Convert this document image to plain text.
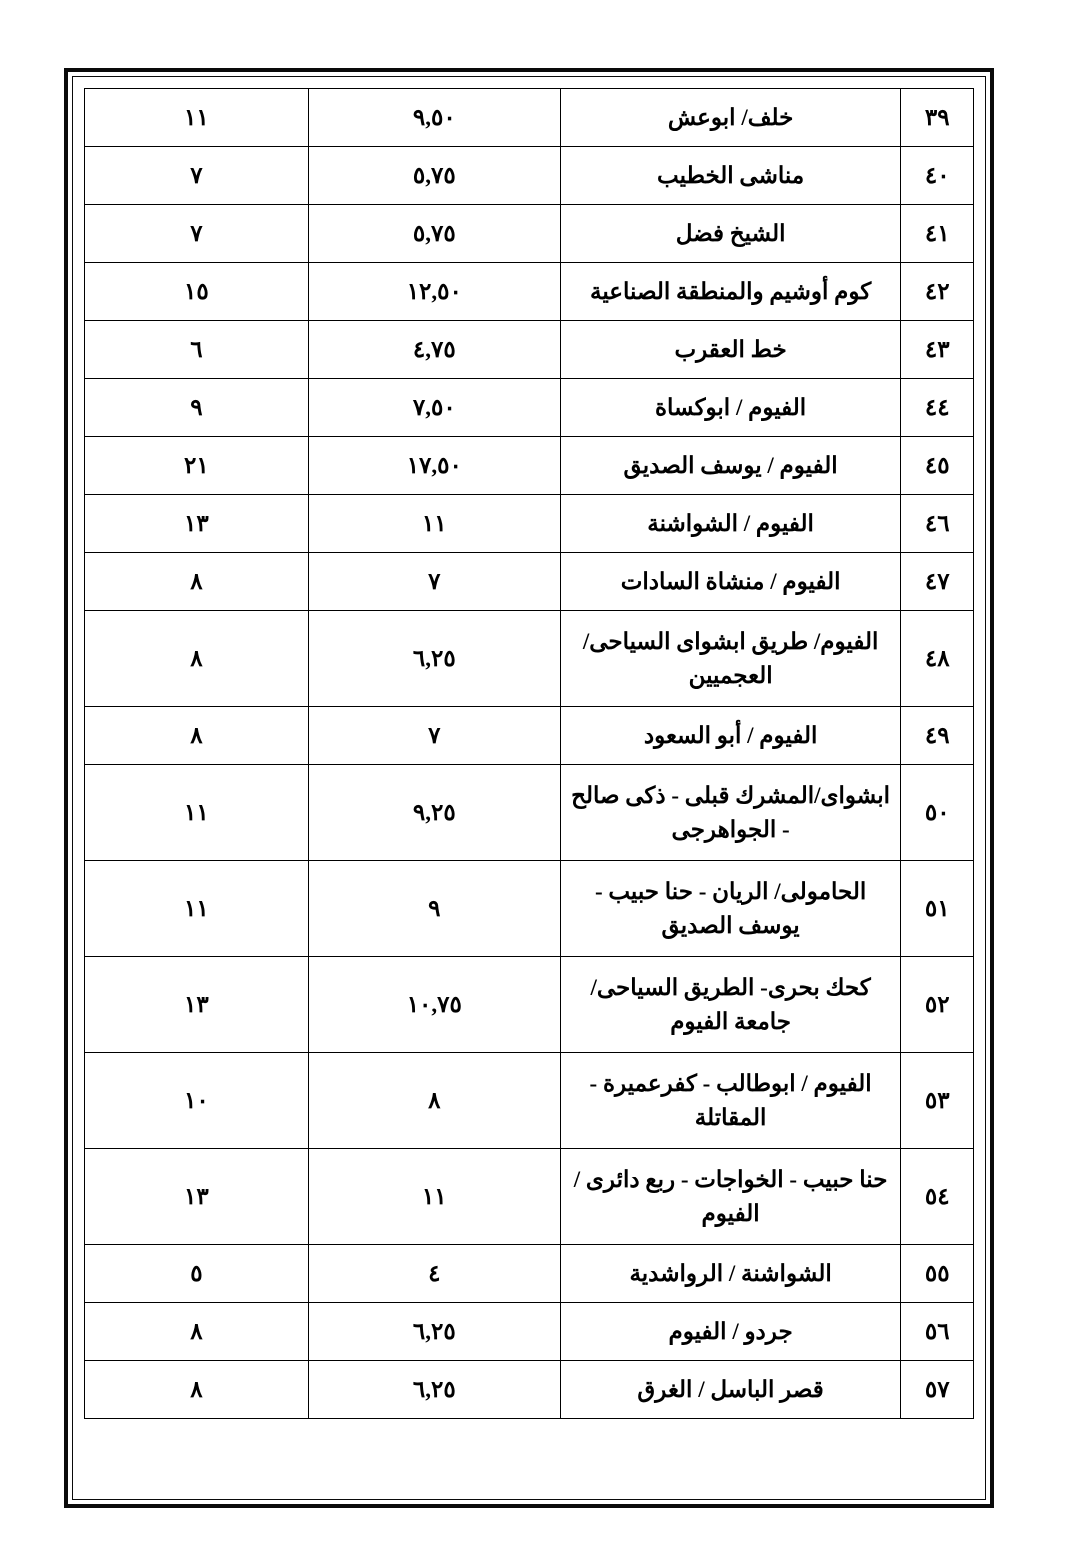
٣٩	خلف/ ابوعش	٩,٥٠	١١
٤٠	مناشى الخطيب	٥,٧٥	٧
٤١	الشيخ فضل	٥,٧٥	٧
٤٢	كوم أوشيم والمنطقة الصناعية	١٢,٥٠	١٥
٤٣	خط العقرب	٤,٧٥	٦
٤٤	الفيوم / ابوكساة	٧,٥٠	٩
٤٥	الفيوم / يوسف الصديق	١٧,٥٠	٢١
٤٦	الفيوم / الشواشنة	١١	١٣
٤٧	الفيوم / منشاة السادات	٧	٨
٤٨	الفيوم/ طريق ابشواى السياحى/ العجميين	٦,٢٥	٨
٤٩	الفيوم / أبو السعود	٧	٨
٥٠	ابشواى/المشرك قبلى - ذكى صالح - الجواهرجى	٩,٢٥	١١
٥١	الحامولى/ الريان - حنا حبيب - يوسف الصديق	٩	١١
٥٢	كحك بحرى- الطريق السياحى/ جامعة الفيوم	١٠,٧٥	١٣
٥٣	الفيوم / ابوطالب - كفرعميرة - المقاتلة	٨	١٠
٥٤	حنا حبيب - الخواجات - ربع دائرى / الفيوم	١١	١٣
٥٥	الشواشنة / الرواشدية	٤	٥
٥٦	جردو / الفيوم	٦,٢٥	٨
٥٧	قصر الباسل / الغرق	٦,٢٥	٨
